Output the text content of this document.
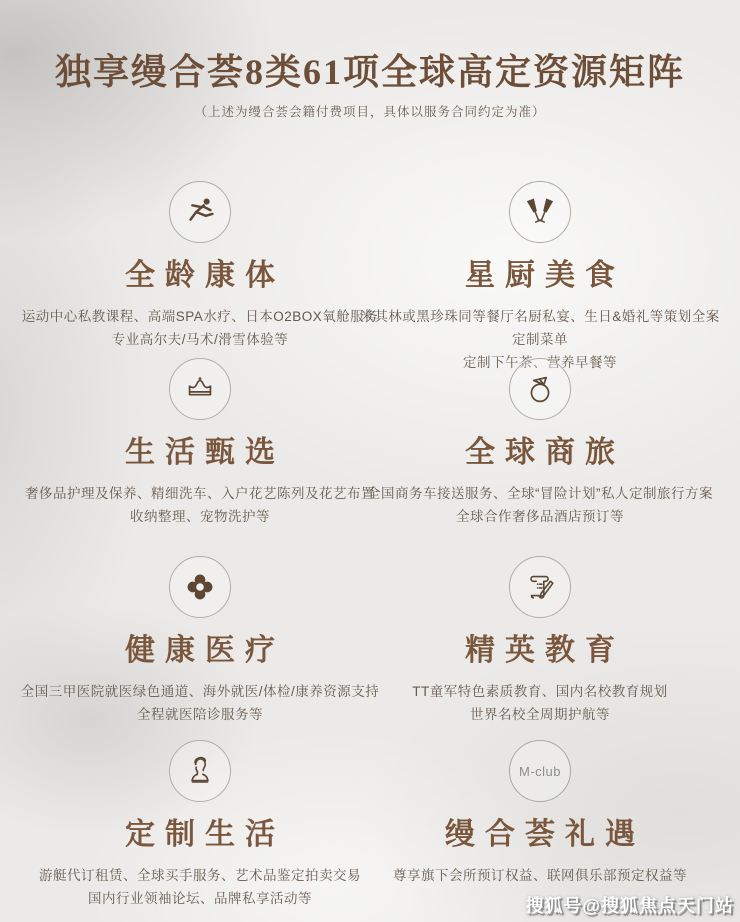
独享缦合荟8类61项全球高定资源矩阵

（上述为缦合荟会籍付费项目，具体以服务合同约定为准）

全龄康体

运动中心私教课程、高端SPA水疗、日本O2BOX氧舱服务

专业高尔夫/马术/滑雪体验等

星厨美食

米其林或黑珍珠同等餐厅名厨私宴、生日&婚礼等策划全案定制菜单

定制下午茶、营养早餐等

生活甄选

奢侈品护理及保养、精细洗车、入户花艺陈列及花艺布置

收纳整理、宠物洗护等

全球商旅

全国商务车接送服务、全球“冒险计划”私人定制旅行方案

全球合作奢侈品酒店预订等

健康医疗

全国三甲医院就医绿色通道、海外就医/体检/康养资源支持

全程就医陪诊服务等

精英教育

TT童军特色素质教育、国内名校教育规划

世界名校全周期护航等

定制生活

游艇代订租赁、全球买手服务、艺术品鉴定拍卖交易

国内行业领袖论坛、品牌私享活动等

M-club
缦合荟礼遇

尊享旗下会所预订权益、联网俱乐部预定权益等

搜狐号@搜狐焦点天门站
